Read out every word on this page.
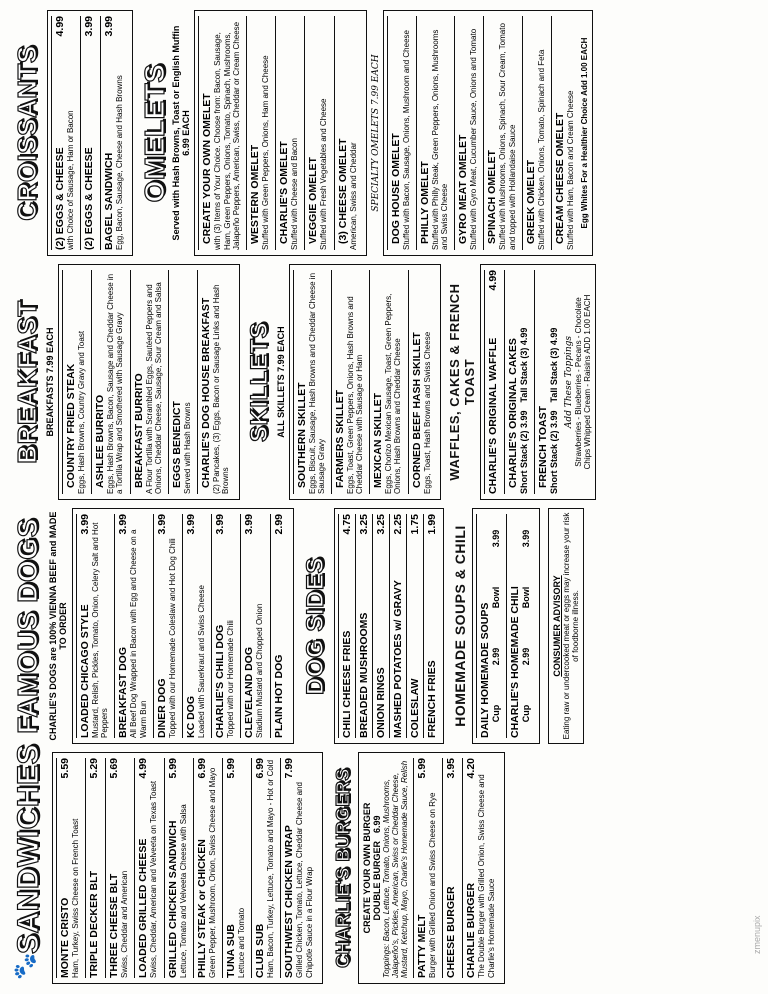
🐾
SANDWICHES MONTE CRISTO
5.59
Ham, Turkey, Swiss Cheese on French Toast TRIPLE DECKER BLT
5.29
THREE CHEESE BLT
5.69
Swiss, Cheddar and American LOADED GRILLED CHEESE
4.99
Swiss, Cheddar, American and Velveeta on Texas Toast GRILLED CHICKEN SANDWICH
5.99
Lettuce, Tomato and Velveeta Cheese with Salsa PHILLY STEAK or CHICKEN
6.99 Green Pepper, Mushroom, Onion, Swiss Cheese and Mayo TUNA SUB
5.99
Lettuce and Tomato CLUB SUB
6.99 Ham, Bacon, Turkey, Lettuce, Tomato and Mayo - Hot or Cold SOUTHWEST CHICKEN WRAP
7.99
Grilled Chicken, Tomato, Lettuce, Cheddar Cheese and Chipotle Sauce in a Flour Wrap CHARLIE'S BURGERS CREATE YOUR OWN BURGER DOUBLE BURGER
6.99 Toppings: Bacon, Lettuce, Tomato, Onions, Mushrooms, Jalapeño's, Pickles, American, Swiss or Cheddar Cheese, Mustard, Ketchup, Mayo, Charlie's Homemade Sauce, Relish PATTY MELT
5.99
Burger with Grilled Onion and Swiss Cheese on Rye CHEESE BURGER
3.95
CHARLIE BURGER
4.20
The Double Burger with Grilled Onion, Swiss Cheese and Charlie's Homemade Sauce
FAMOUS DOGS CHARLIE'S DOGS are 100% VIENNA BEEF and MADE TO ORDER LOADED CHICAGO STYLE
3.99 Mustard, Relish, Pickles, Tomato, Onion, Celery Salt and Hot Peppers BREAKFAST DOG
3.99
All Beef Dog Wrapped in Bacon with Egg and Cheese on a Warm Bun DINER DOG
3.99
Topped with our Homemade Coleslaw and Hot Dog Chili KC DOG
3.99
Loaded with Sauerkraut and Swiss Cheese CHARLIE'S CHILI DOG
3.99
Topped with our Homemade Chili CLEVELAND DOG
3.99
Stadium Mustard and Chopped Onion PLAIN HOT DOG
2.99
DOG SIDES CHILI CHEESE FRIES
4.75
BREADED MUSHROOMS
3.25
ONION RINGS
3.25
MASHED POTATOES w/ GRAVY
2.25
COLESLAW
1.75
FRENCH FRIES
1.99
HOMEMADE SOUPS & CHILI DAILY HOMEMADE SOUPS Cup
2.99
Bowl
3.99
CHARLIE'S HOMEMADE CHILI Cup
2.99
Bowl
3.99
CONSUMER ADVISORY Eating raw or undercooked meat or eggs may increase your risk of foodborne illness.
BREAKFAST BREAKFASTS 7.99 EACH COUNTRY FRIED STEAK Eggs, Hash Browns, Country Gravy and Toast ASHLEE BURRITO Eggs, Hash Browns, Bacon, Sausage and Cheddar Cheese in a Tortilla Wrap and Smothered with Sausage Gravy BREAKFAST BURRITO A Flour Tortilla with Scrambled Eggs, Sautéed Peppers and Onions, Cheddar Cheese, Sausage, Sour Cream and Salsa EGGS BENEDICT Served with Hash Browns CHARLIE'S DOG HOUSE BREAKFAST (2) Pancakes, (3) Eggs, Bacon or Sausage Links and Hash Browns
SKILLETS ALL SKILLETS 7.99 EACH SOUTHERN SKILLET Eggs, Biscuit, Sausage, Hash Browns and Cheddar Cheese in Sausage Gravy FARMERS SKILLET Eggs, Toast, Green Peppers, Onions, Hash Browns and Cheddar Cheese with Sausage or Ham MEXICAN SKILLET Eggs, Chorizo Mexican Sausage, Toast, Green Peppers, Onions, Hash Browns and Cheddar Cheese CORNED BEEF HASH SKILLET Eggs, Toast, Hash Browns and Swiss Cheese WAFFLES, CAKES & FRENCH TOAST CHARLIE'S ORIGINAL WAFFLE
4.99
CHARLIE'S ORIGINAL CAKES Short Stack (2) 3.99
Tall Stack (3) 4.99
FRENCH TOAST Short Stack (2) 3.99
Tall Stack (3) 4.99 Add These Toppings Strawberries - Blueberries - Pecans - Chocolate Chips Whipped Cream - Raisins ADD 1.00 EACH
CROISSANTS (2) EGGS & CHEESE
4.99
with Choice of Sausage, Ham or Bacon (2) EGGS & CHEESE
3.99
BAGEL SANDWICH
3.99
Egg, Bacon, Sausage, Cheese and Hash Browns OMELETS Served with Hash Browns, Toast or English Muffin 6.99 EACH CREATE YOUR OWN OMELET with (3) Items of Your Choice. Choose from: Bacon, Sausage, Ham, Green Peppers, Onions, Tomato, Spinach, Mushrooms, Jalapeño Peppers, American, Swiss, Cheddar or Cream Cheese WESTERN OMELET Stuffed with Green Peppers, Onions, Ham and Cheese CHARLIE'S OMELET Stuffed with Cheese and Bacon VEGGIE OMELET Stuffed with Fresh Vegetables and Cheese (3) CHEESE OMELET American, Swiss and Cheddar SPECIALTY OMELETS 7.99 EACH DOG HOUSE OMELET Stuffed with Bacon, Sausage, Onions, Mushroom and Cheese PHILLY OMELET Stuffed with Philly Steak, Green Peppers, Onions, Mushrooms and Swiss Cheese GYRO MEAT OMELET Stuffed with Gyro Meat, Cucumber Sauce, Onions and Tomato SPINACH OMELET Stuffed with Mushrooms, Onions, Spinach, Sour Cream, Tomato and topped with Hollandaise Sauce GREEK OMELET Stuffed with Chicken, Onions, Tomato, Spinach and Feta CREAM CHEESE OMELET Stuffed with Ham, Bacon and Cream Cheese Egg Whites For a Healthier Choice Add 1.00 EACH
zmenupix
